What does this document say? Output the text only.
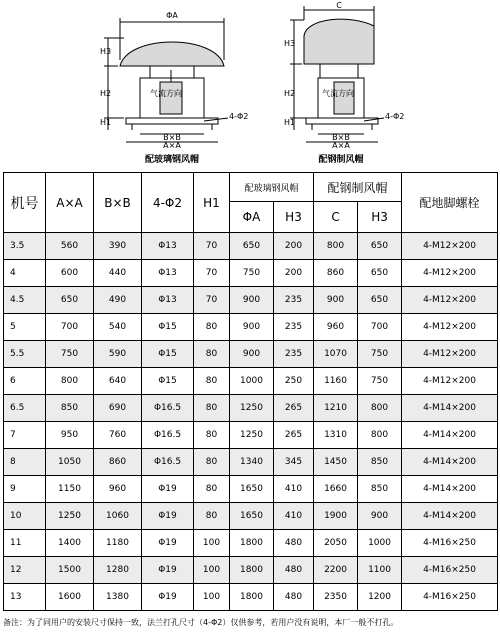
ΦA
H3
H2
H1
气流方向
B×B
A×A
4-Φ2
配玻璃钢风帽
C
H3
H2
H1
气流方向
B×B
A×A
4-Φ2
配钢制风帽
机号	A×A	B×B	4-Φ2	H1	配玻璃钢风帽		配钢制风帽		配地脚螺栓
					ΦA	H3	C	H3	
3.5	560	390	Φ13	70	650	200	800	650	4-M12×200
4	600	440	Φ13	70	750	200	860	650	4-M12×200
4.5	650	490	Φ13	70	900	235	900	650	4-M12×200
5	700	540	Φ15	80	900	235	960	700	4-M12×200
5.5	750	590	Φ15	80	900	235	1070	750	4-M12×200
6	800	640	Φ15	80	1000	250	1160	750	4-M12×200
6.5	850	690	Φ16.5	80	1250	265	1210	800	4-M14×200
7	950	760	Φ16.5	80	1250	265	1310	800	4-M14×200
8	1050	860	Φ16.5	80	1340	345	1450	850	4-M14×200
9	1150	960	Φ19	80	1650	410	1660	850	4-M14×200
10	1250	1060	Φ19	80	1650	410	1900	900	4-M14×200
11	1400	1180	Φ19	100	1800	480	2050	1000	4-M16×250
12	1500	1280	Φ19	100	1800	480	2200	1100	4-M16×250
13	1600	1380	Φ19	100	1800	480	2350	1200	4-M16×250
备注：为了同用户的安装尺寸保持一致，法兰打孔尺寸（4-Φ2）仅供参考，若用户没有说明，本厂一般不打孔。
